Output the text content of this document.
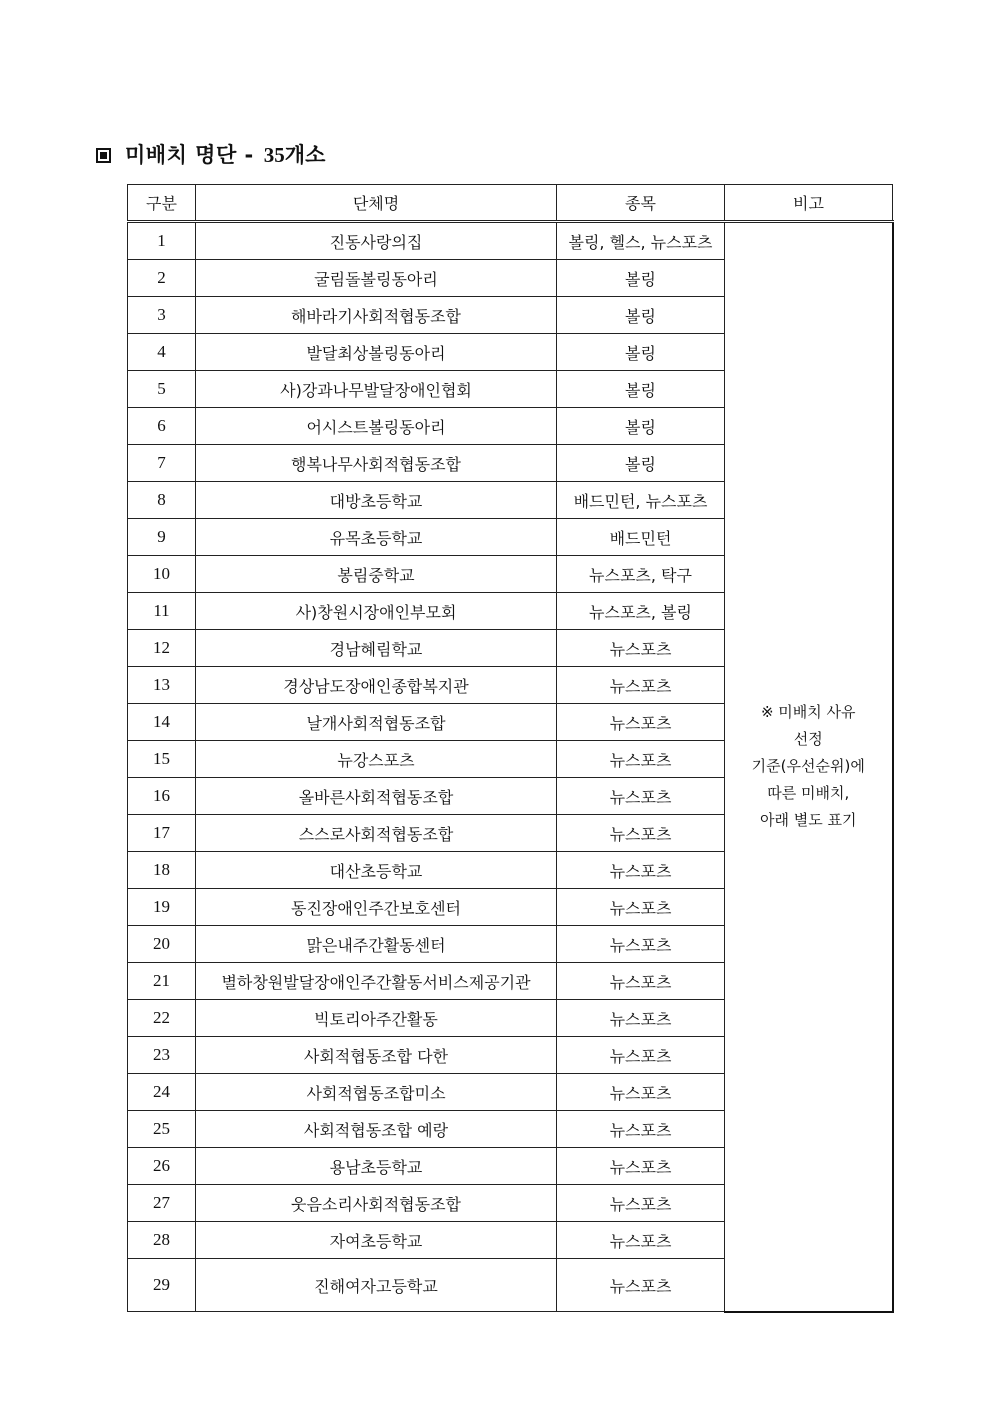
미배치 명단 - 35개소
구분	단체명	종목	비고
1	진동사랑의집	볼링, 헬스, 뉴스포츠	※ 미배치 사유
선정
기준(우선순위)에
따른 미배치,
아래 별도 표기

2	굴림돌볼링동아리	볼링	
3	해바라기사회적협동조합	볼링	
4	발달최상볼링동아리	볼링	
5	사)강과나무발달장애인협회	볼링	
6	어시스트볼링동아리	볼링	
7	행복나무사회적협동조합	볼링	
8	대방초등학교	배드민턴, 뉴스포츠	
9	유목초등학교	배드민턴	
10	봉림중학교	뉴스포츠, 탁구	
11	사)창원시장애인부모회	뉴스포츠, 볼링	
12	경남혜림학교	뉴스포츠	
13	경상남도장애인종합복지관	뉴스포츠	
14	날개사회적협동조합	뉴스포츠	
15	뉴강스포츠	뉴스포츠	
16	올바른사회적협동조합	뉴스포츠	
17	스스로사회적협동조합	뉴스포츠	
18	대산초등학교	뉴스포츠	
19	동진장애인주간보호센터	뉴스포츠	
20	맑은내주간활동센터	뉴스포츠	
21	별하창원발달장애인주간활동서비스제공기관	뉴스포츠	
22	빅토리아주간활동	뉴스포츠	
23	사회적협동조합 다한	뉴스포츠	
24	사회적협동조합미소	뉴스포츠	
25	사회적협동조합 예랑	뉴스포츠	
26	용남초등학교	뉴스포츠	
27	웃음소리사회적협동조합	뉴스포츠	
28	자여초등학교	뉴스포츠	
29	진해여자고등학교	뉴스포츠	
